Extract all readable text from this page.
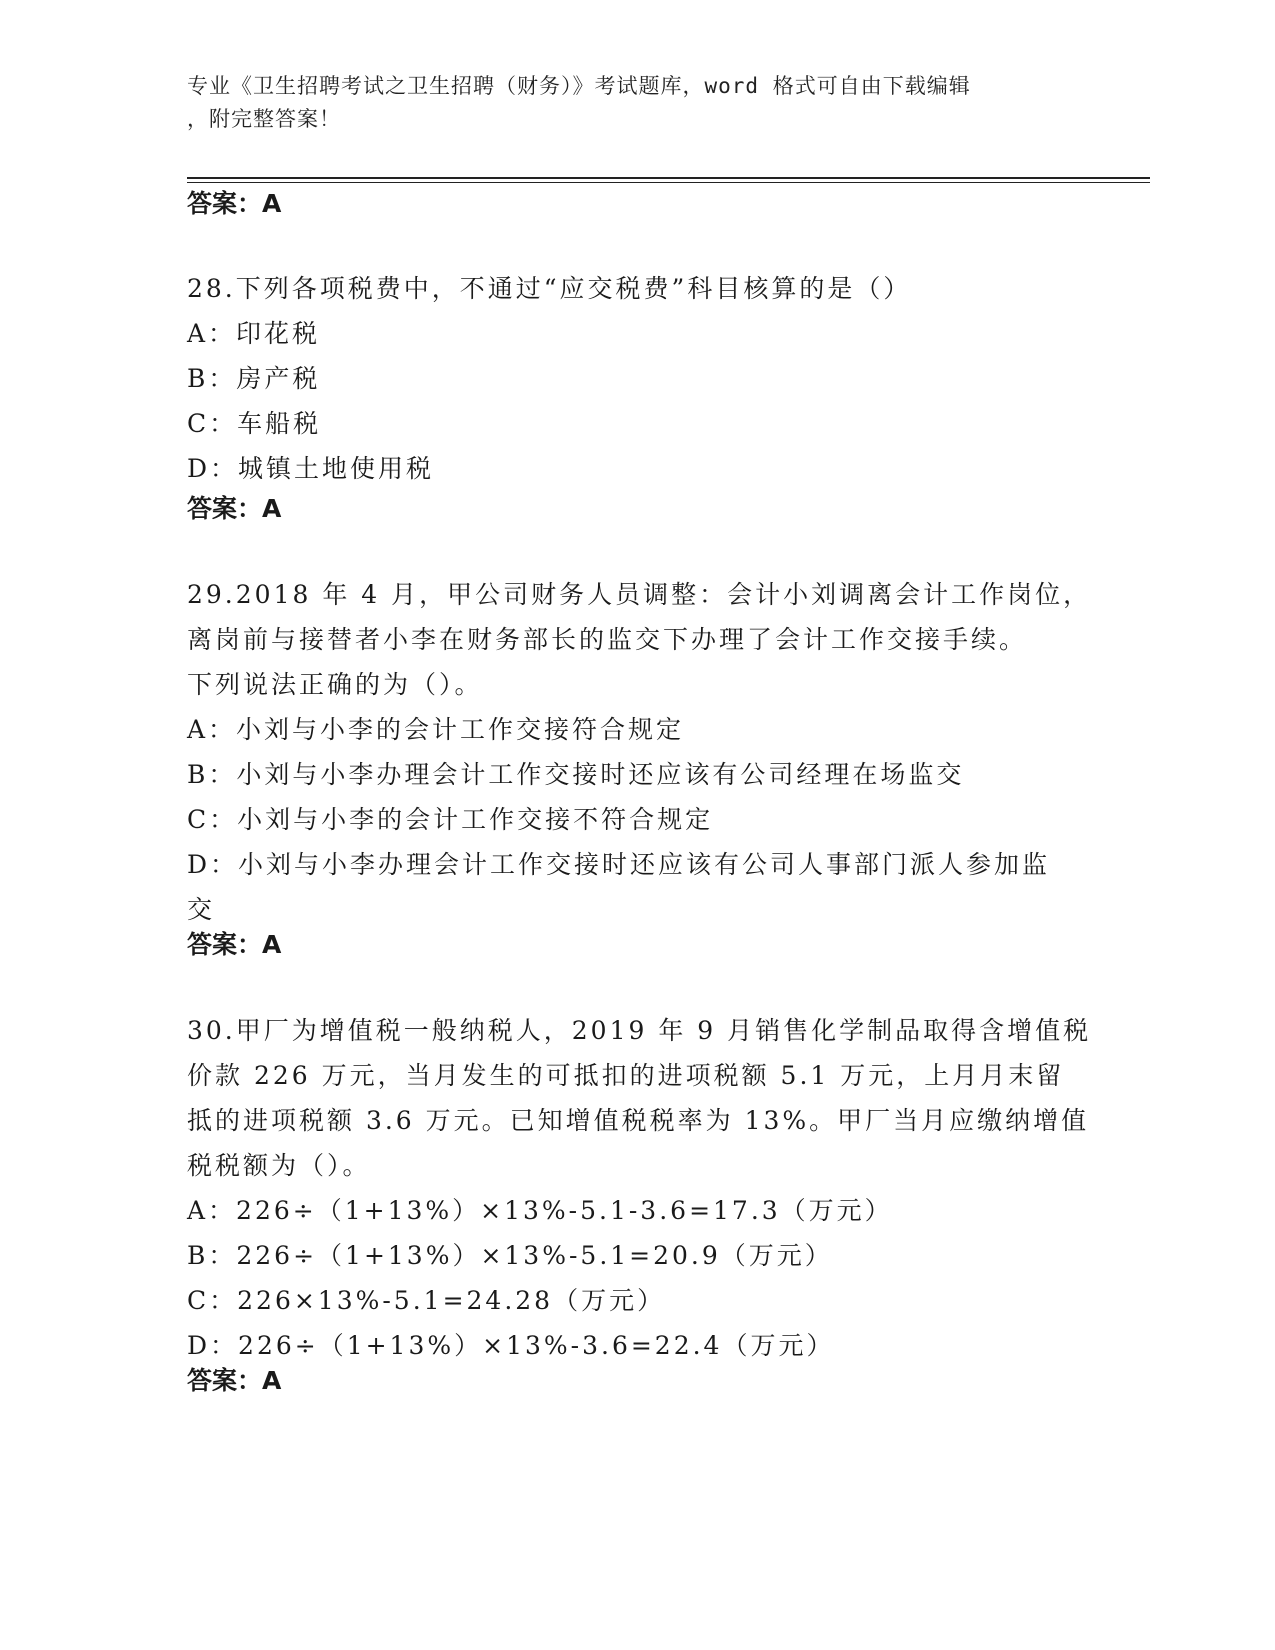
专业《卫生招聘考试之卫生招聘（财务）》考试题库，word 格式可自由下载编辑
，附完整答案！
答案：A
28.下列各项税费中，不通过“应交税费”科目核算的是（）
A：印花税
B：房产税
C：车船税
D：城镇土地使用税
答案：A
29.2018 年 4 月，甲公司财务人员调整：会计小刘调离会计工作岗位，
离岗前与接替者小李在财务部长的监交下办理了会计工作交接手续。
下列说法正确的为（）。
A：小刘与小李的会计工作交接符合规定
B：小刘与小李办理会计工作交接时还应该有公司经理在场监交
C：小刘与小李的会计工作交接不符合规定
D：小刘与小李办理会计工作交接时还应该有公司人事部门派人参加监
交
答案：A
30.甲厂为增值税一般纳税人，2019 年 9 月销售化学制品取得含增值税
价款 226 万元，当月发生的可抵扣的进项税额 5.1 万元，上月月末留
抵的进项税额 3.6 万元。已知增值税税率为 13%。甲厂当月应缴纳增值
税税额为（）。
A：226÷（1+13%）×13%-5.1-3.6=17.3（万元）
B：226÷（1+13%）×13%-5.1=20.9（万元）
C：226×13%-5.1=24.28（万元）
D：226÷（1+13%）×13%-3.6=22.4（万元）
答案：A
